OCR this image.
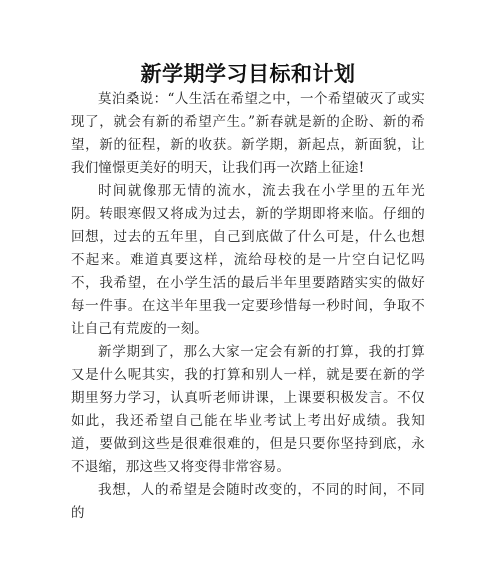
新学期学习目标和计划

莫泊桑说：“人生活在希望之中，一个希望破灭了或实现了，就会有新的希望产生。”新春就是新的企盼、新的希望，新的征程，新的收获。新学期，新起点，新面貌，让我们憧憬更美好的明天，让我们再一次踏上征途!

时间就像那无情的流水，流去我在小学里的五年光阴。转眼寒假又将成为过去，新的学期即将来临。仔细的回想，过去的五年里，自己到底做了什么可是，什么也想不起来。难道真要这样，流给母校的是一片空白记忆吗不，我希望，在小学生活的最后半年里要踏踏实实的做好每一件事。在这半年里我一定要珍惜每一秒时间，争取不让自己有荒废的一刻。

新学期到了，那么大家一定会有新的打算，我的打算又是什么呢其实，我的打算和别人一样，就是要在新的学期里努力学习，认真听老师讲课，上课要积极发言。不仅如此，我还希望自己能在毕业考试上考出好成绩。我知道，要做到这些是很难很难的，但是只要你坚持到底，永不退缩，那这些又将变得非常容易。

我想，人的希望是会随时改变的，不同的时间，不同的
